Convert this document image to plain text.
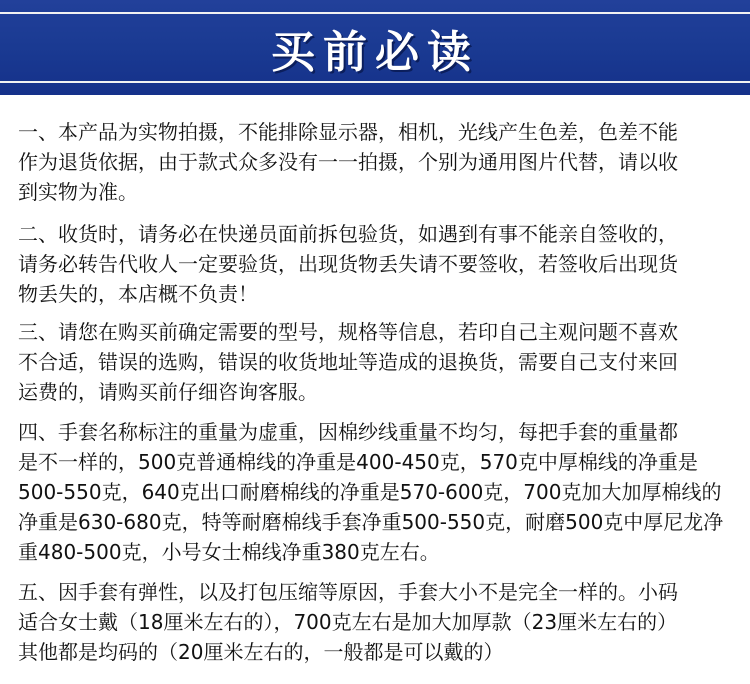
买前必读

一、本产品为实物拍摄，不能排除显示器，相机，光线产生色差，色差不能
作为退货依据，由于款式众多没有一一拍摄，个别为通用图片代替，请以收
到实物为准。

二、收货时，请务必在快递员面前拆包验货，如遇到有事不能亲自签收的，
请务必转告代收人一定要验货，出现货物丢失请不要签收，若签收后出现货
物丢失的，本店概不负责！

三、请您在购买前确定需要的型号，规格等信息，若印自己主观问题不喜欢
不合适，错误的选购，错误的收货地址等造成的退换货，需要自己支付来回
运费的，请购买前仔细咨询客服。

四、手套名称标注的重量为虚重，因棉纱线重量不均匀，每把手套的重量都
是不一样的，500克普通棉线的净重是400-450克，570克中厚棉线的净重是
500-550克，640克出口耐磨棉线的净重是570-600克，700克加大加厚棉线的
净重是630-680克，特等耐磨棉线手套净重500-550克，耐磨500克中厚尼龙净
重480-500克，小号女士棉线净重380克左右。

五、因手套有弹性，以及打包压缩等原因，手套大小不是完全一样的。小码
适合女士戴（18厘米左右的），700克左右是加大加厚款（23厘米左右的）
其他都是均码的（20厘米左右的，一般都是可以戴的）
